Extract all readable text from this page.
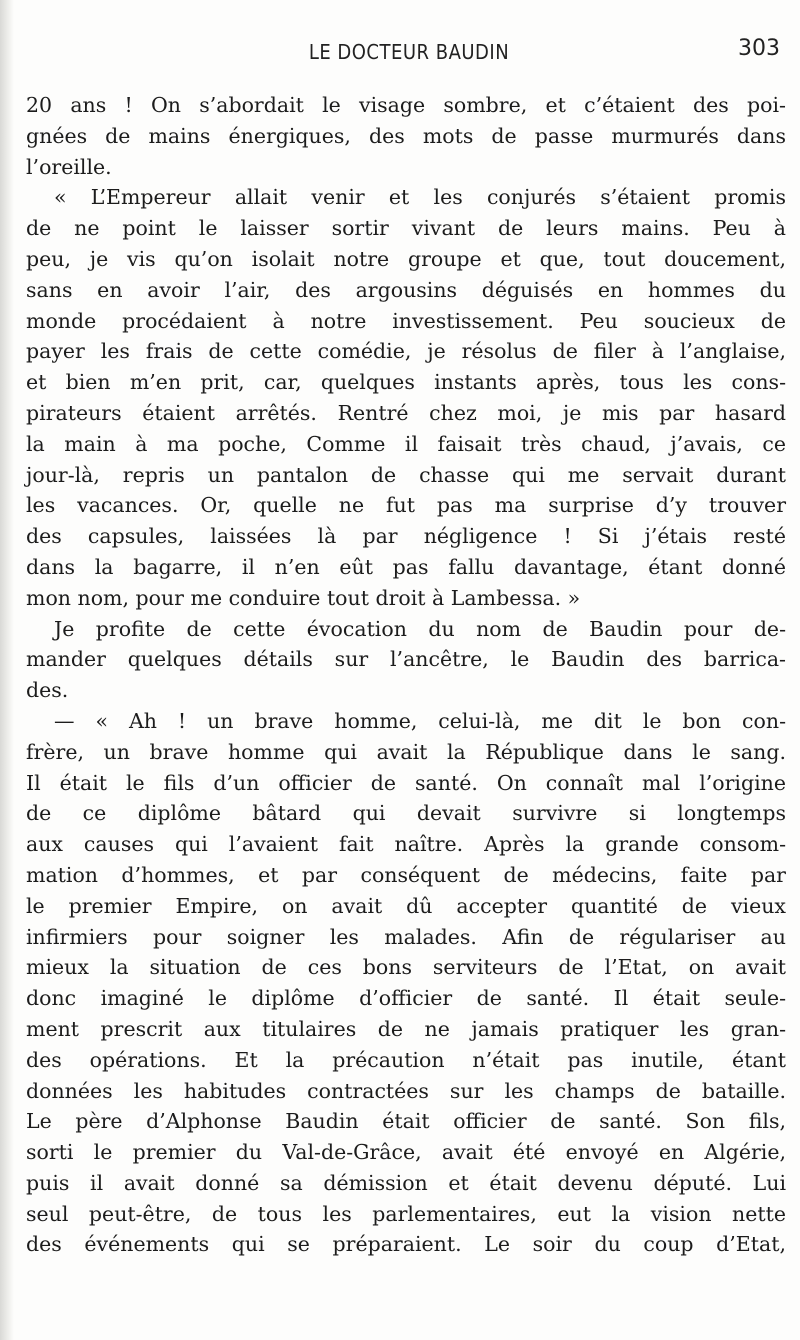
LE DOCTEUR BAUDIN	303
20 ans ! On s’abordait le visage sombre, et c’étaient des poi-
gnées de mains énergiques, des mots de passe murmurés dans
l’oreille.
« L’Empereur allait venir et les conjurés s’étaient promis
de ne point le laisser sortir vivant de leurs mains. Peu à
peu, je vis qu’on isolait notre groupe et que, tout doucement,
sans en avoir l’air, des argousins déguisés en hommes du
monde procédaient à notre investissement. Peu soucieux de
payer les frais de cette comédie, je résolus de filer à l’anglaise,
et bien m’en prit, car, quelques instants après, tous les cons-
pirateurs étaient arrêtés. Rentré chez moi, je mis par hasard
la main à ma poche, Comme il faisait très chaud, j’avais, ce
jour-là, repris un pantalon de chasse qui me servait durant
les vacances. Or, quelle ne fut pas ma surprise d’y trouver
des capsules, laissées là par négligence ! Si j’étais resté
dans la bagarre, il n’en eût pas fallu davantage, étant donné
mon nom, pour me conduire tout droit à Lambessa. »
Je profite de cette évocation du nom de Baudin pour de-
mander quelques détails sur l’ancêtre, le Baudin des barrica-
des.
— « Ah ! un brave homme, celui-là, me dit le bon con-
frère, un brave homme qui avait la République dans le sang.
Il était le fils d’un officier de santé. On connaît mal l’origine
de ce diplôme bâtard qui devait survivre si longtemps
aux causes qui l’avaient fait naître. Après la grande consom-
mation d’hommes, et par conséquent de médecins, faite par
le premier Empire, on avait dû accepter quantité de vieux
infirmiers pour soigner les malades. Afin de régulariser au
mieux la situation de ces bons serviteurs de l’Etat, on avait
donc imaginé le diplôme d’officier de santé. Il était seule-
ment prescrit aux titulaires de ne jamais pratiquer les gran-
des opérations. Et la précaution n’était pas inutile, étant
données les habitudes contractées sur les champs de bataille.
Le père d’Alphonse Baudin était officier de santé. Son fils,
sorti le premier du Val-de-Grâce, avait été envoyé en Algérie,
puis il avait donné sa démission et était devenu député. Lui
seul peut-être, de tous les parlementaires, eut la vision nette
des événements qui se préparaient. Le soir du coup d’Etat,
